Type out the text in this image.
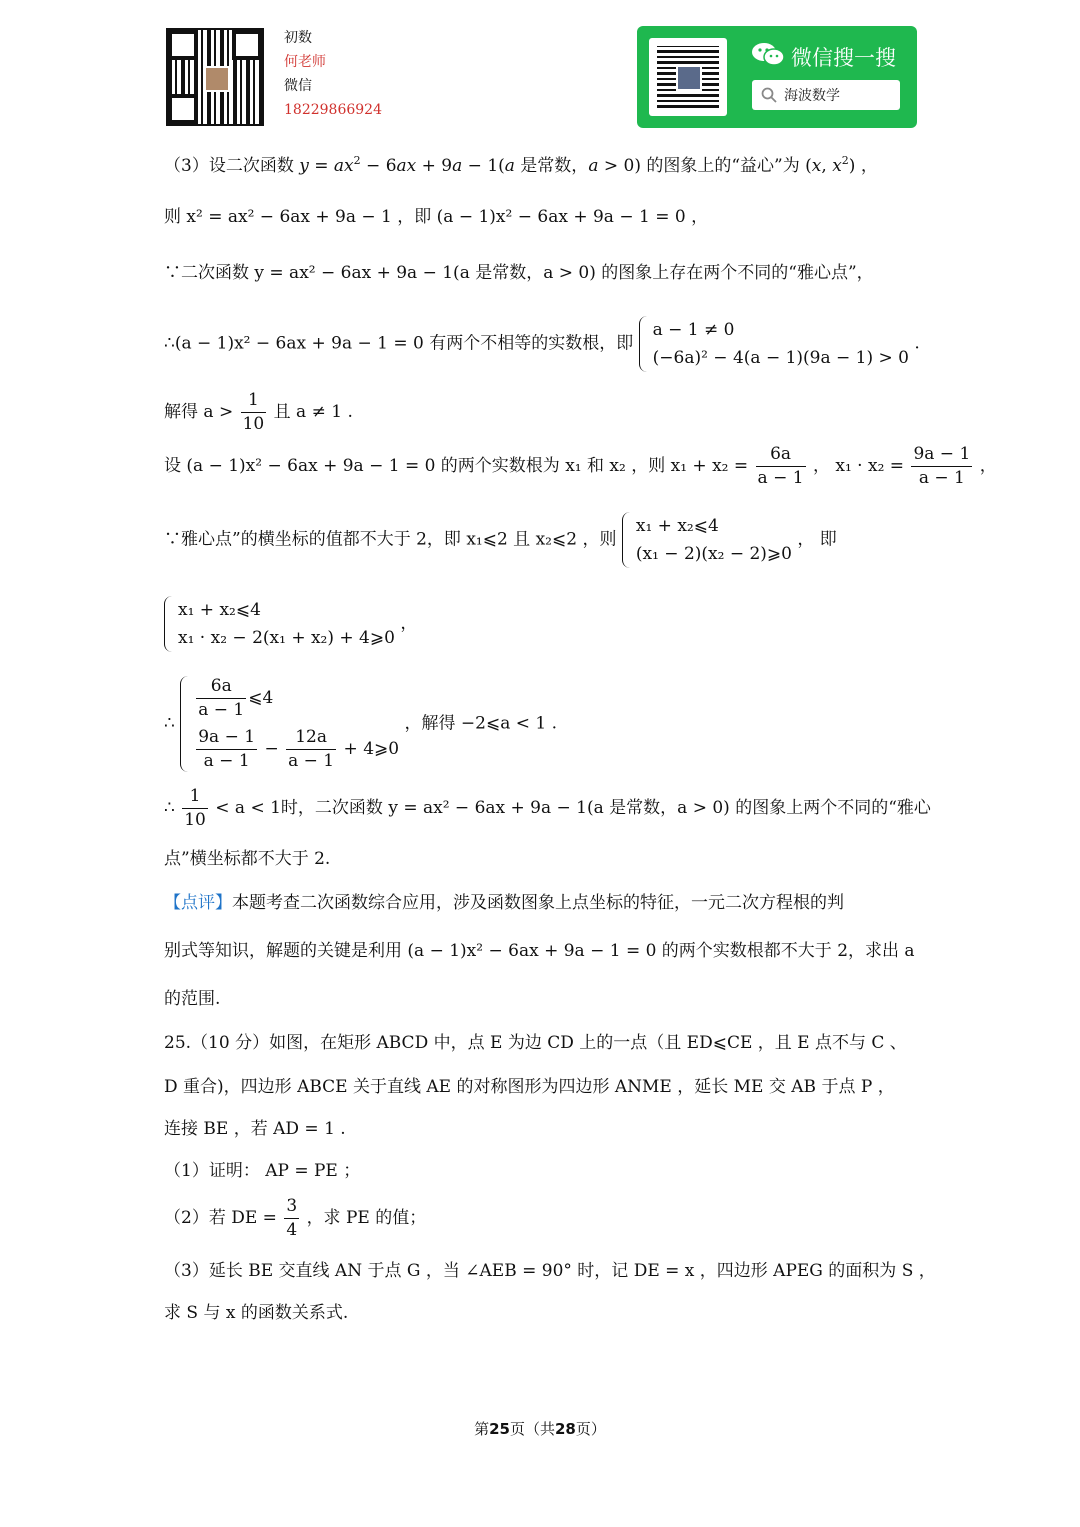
初数
何老师
微信
18229866924
微信搜一搜
海波数学
（3）设二次函数 $y = ax^2 - 6ax + 9a - 1(a$ 是常数，a > 0) 的图象上的“益心”为 (x, $x^2$) ，
则 x² = ax² − 6ax + 9a − 1 ，即 (a − 1)x² − 6ax + 9a − 1 = 0 ，
∵二次函数 y = ax² − 6ax + 9a − 1(a 是常数，a > 0) 的图象上存在两个不同的“雅心点”，
∴(a − 1)x² − 6ax + 9a − 1 = 0 有两个不相等的实数根，即
a − 1 ≠ 0
(−6a)² − 4(a − 1)(9a − 1) > 0
.
解得 $a > \frac{1}{10}$ 且 a ≠ 1 .
设 (a − 1)x² − 6ax + 9a − 1 = 0 的两个实数根为 x₁ 和 x₂ ，则 $x_1 + x_2 = \frac{6a}{a - 1}$ ， $x_1 \cdot x_2 = \frac{9a - 1}{a - 1}$ ，
∵雅心点”的横坐标的值都不大于 2，即 x₁⩽2 且 x₂⩽2 ，则
x₁ + x₂⩽4
(x₁ − 2)(x₂ − 2)⩾0
， 即
x₁ + x₂⩽4
x₁ · x₂ − 2(x₁ + x₂) + 4⩾0
，
∴
$\frac{6a}{a - 1}$ ⩽4
$\frac{9a - 1}{a - 1} - \frac{12a}{a - 1}$ + 4⩾0
，解得 −2⩽a < 1 .
∴ $\frac{1}{10} < a < 1$时，二次函数 y = ax² − 6ax + 9a − 1(a 是常数，a > 0) 的图象上两个不同的“雅心
点”横坐标都不大于 2.
【点评】本题考查二次函数综合应用，涉及函数图象上点坐标的特征，一元二次方程根的判
别式等知识，解题的关键是利用 (a − 1)x² − 6ax + 9a − 1 = 0 的两个实数根都不大于 2，求出 a
的范围.
25.（10 分）如图，在矩形 ABCD 中，点 E 为边 CD 上的一点（且 ED⩽CE ，且 E 点不与 C 、
D 重合)，四边形 ABCE 关于直线 AE 的对称图形为四边形 ANME ，延长 ME 交 AB 于点 P ，
连接 BE ，若 AD = 1 .
（1）证明： AP = PE ；
（2）若 DE = $\frac{3}{4}$ ，求 PE 的值；
（3）延长 BE 交直线 AN 于点 G ，当 ∠AEB = 90° 时，记 DE = x ，四边形 APEG 的面积为 S ，
求 S 与 x 的函数关系式.
第25页（共28页）
